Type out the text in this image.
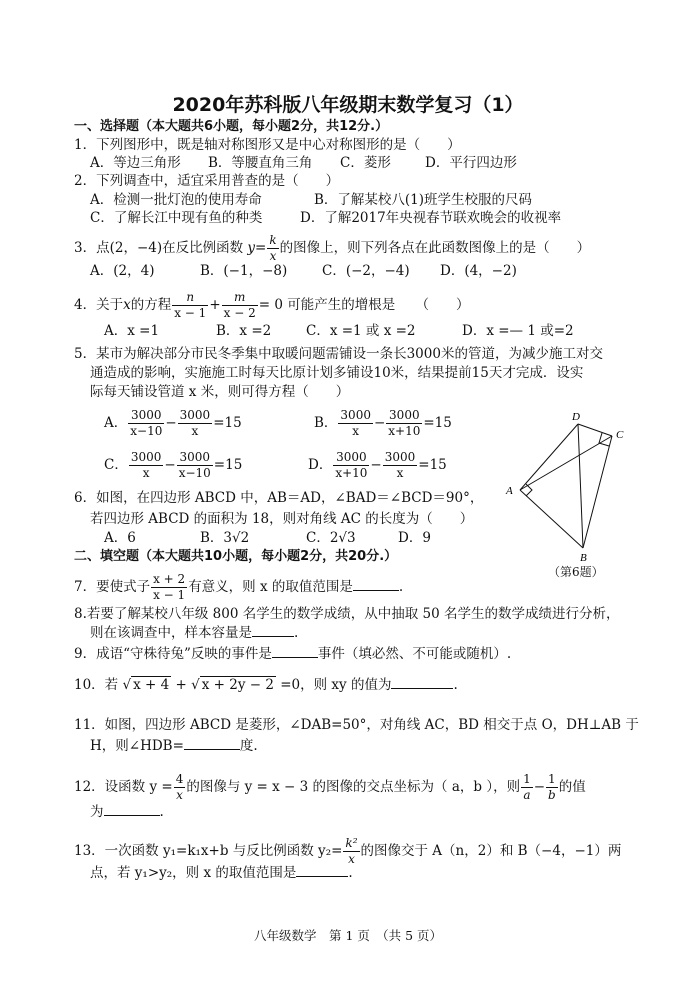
2020年苏科版八年级期末数学复习（1）
一、选择题（本大题共6小题，每小题2分，共12分.）
1．下列图形中，既是轴对称图形又是中心对称图形的是（　　）
A．等边三角形 B．等腰直角三角 C．菱形	D．平行四边形
2．下列调查中，适宜采用普查的是（　　）
A．检测一批灯泡的使用寿命	B．了解某校八(1)班学生校服的尺码
C．了解长江中现有鱼的种类	D．了解2017年央视春节联欢晚会的收视率
3．点(2，−4)在反比例函数 $y= \frac{k}{x}$ 的图像上，则下列各点在此函数图像上的是（　　）
A．(2，4)	B．(−1，−8)	C．(−2，−4) D．(4，−2)
4．关于x的方程 $\frac{n}{x - 1} + \frac{m}{x - 2} = 0$ 可能产生的增根是　　（　　）
A．x =1	B．x =2	C．x =1 或 x =2	D．x =— 1 或=2
5．某市为解决部分市民冬季集中取暖问题需铺设一条长3000米的管道，为减少施工对交
通造成的影响，实施施工时每天比原计划多铺设10米，结果提前15天才完成．设实
际每天铺设管道 x 米，则可得方程（　　）
A． $\frac{3000}{x-10} - \frac{3000}{x} =15$	B． $\frac{3000}{x} - \frac{3000}{x+10} =15$
C． $\frac{3000}{x} - \frac{3000}{x-10} =15$	D． $\frac{3000}{x+10} - \frac{3000}{x} =15$
6．如图，在四边形 ABCD 中，AB＝AD，∠BAD＝∠BCD＝90°，
若四边形 ABCD 的面积为 18，则对角线 AC 的长度为（　　）
A．6	B．3√2	C．2√3	D．9
D
C
A
B
（第6题）
二、填空题（本大题共10小题，每小题2分，共20分.）
7．要使式子 $\frac{x + 2}{x - 1}$ 有意义，则 x 的取值范围是	.
8.若要了解某校八年级 800 名学生的数学成绩，从中抽取 50 名学生的数学成绩进行分析，
则在该调查中，样本容量是	.
9．成语“守株待兔”反映的事件是	事件（填必然、不可能或随机）.
10．若 √ x + 4 + √ x + 2y − 2 =0，则 xy 的值为	.
11．如图，四边形 ABCD 是菱形，∠DAB=50°，对角线 AC，BD 相交于点 O，DH⊥AB 于
H，则∠HDB=	度.
12．设函数 $y = \frac{4}{x}$ 的图像与 y = x − 3 的图像的交点坐标为（ a，b ），则 $\frac{1}{a} - \frac{1}{b}$ 的值
为	.
13．一次函数 y₁=k₁x+b 与反比例函数 $y_2= \frac{\text{k²}}{x}$ 的图像交于 A（n，2）和 B（−4，−1）两
点，若 y₁>y₂，则 x 的取值范围是	.
八年级数学　第 1 页　（共 5 页）
